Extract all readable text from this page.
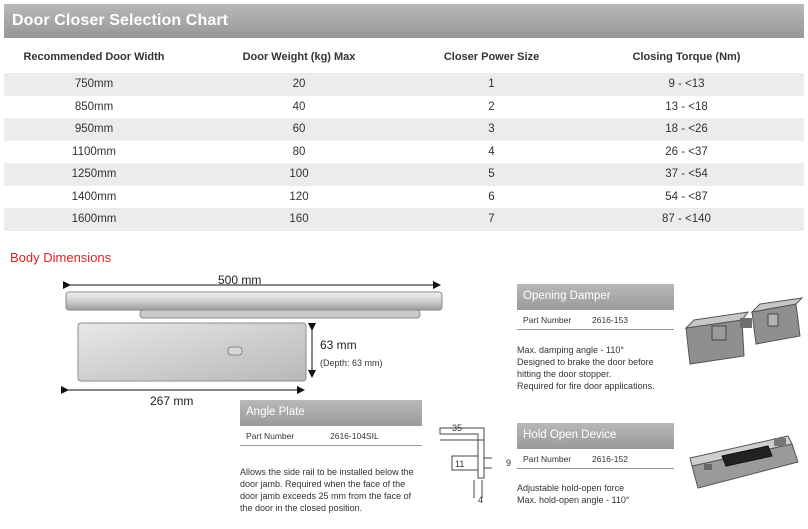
Door Closer Selection Chart
Recommended Door Width	Door Weight (kg) Max	Closer Power Size	Closing Torque (Nm)
750mm	20	1	9 - <13
850mm	40	2	13 - <18
950mm	60	3	18 - <26
1100mm	80	4	26 - <37
1250mm	100	5	37 - <54
1400mm	120	6	54 - <87
1600mm	160	7	87 - <140
Body Dimensions
500 mm
63 mm
(Depth: 63 mm)
267 mm
Angle Plate
Part Number	2616-104SIL
Allows the side rail to be installed below the door jamb. Required when the face of the door jamb exceeds 25 mm from the face of the door in the closed position.
35
11	9
4
Opening Damper
Part Number 2616-153
Max. damping angle - 110°
Designed to brake the door before hitting the door stopper.
Required for fire door applications.
Hold Open Device
Part Number 2616-152
Adjustable hold-open force
Max. hold-open angle - 110°
